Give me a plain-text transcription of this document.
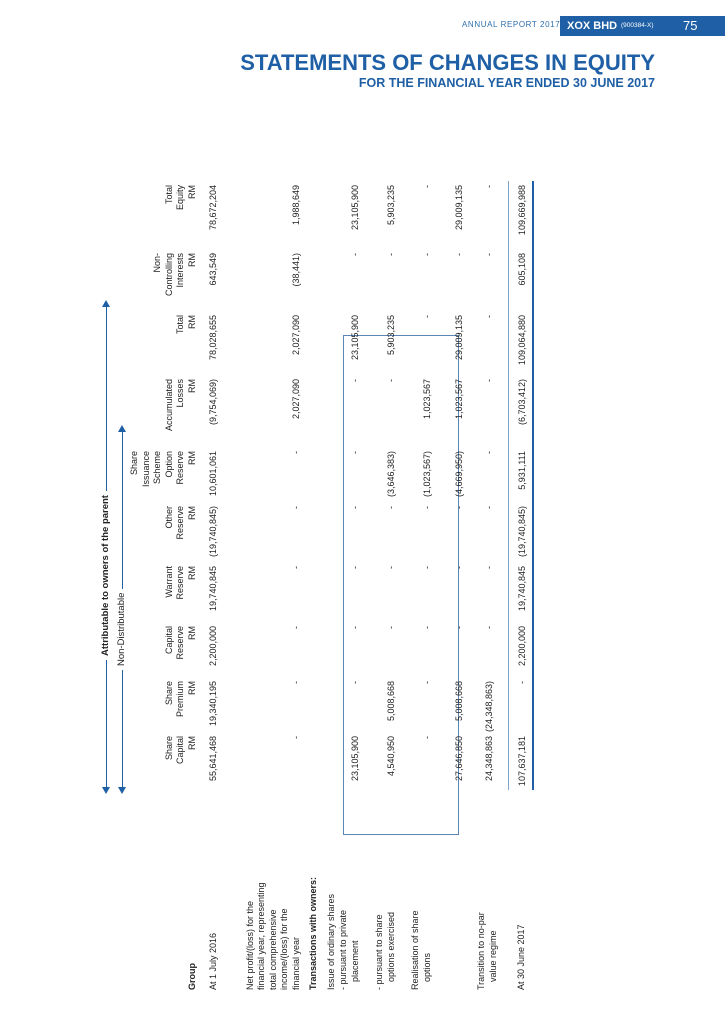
ANNUAL REPORT 2017 XOX BHD (900384-X) 75
STATEMENTS OF CHANGES IN EQUITY
FOR THE FINANCIAL YEAR ENDED 30 JUNE 2017
Attributable to owners of the parent Non-Distributable
Group
Share Capital RM
Share Premium RM
Capital Reserve RM
Warrant Reserve RM
Other Reserve RM
Share Issuance Scheme Option Reserve RM
Accumulated Losses RM
Total RM
Non- Controlling Interests RM
Total Equity RM
At 1 July 2016
55,641,468
19,340,195
2,200,000
19,740,845
(19,740,845)
10,601,061
(9,754,069)
78,028,655
643,549
78,672,204
Net profit/(loss) for the financial year, representing total comprehensive income/(loss) for the financial year
-
-
-
-
-
-
2,027,090
2,027,090
(38,441)
1,988,649
Transactions with owners: Issue of ordinary shares - pursuant to private placement
23,105,900
-
-
-
-
-
-
23,105,900
-
23,105,900
- pursuant to share options exercised
4,540,950
5,008,668
-
-
-
(3,646,383)
-
5,903,235
-
5,903,235
Realisation of share options
-
-
-
-
-
(1,023,567)
1,023,567
-
-
-
27,646,850
5,008,668
-
-
-
(4,669,950)
1,023,567
29,009,135
-
29,009,135
Transition to no-par value regime
24,348,863
(24,348,863)
-
-
-
-
-
-
-
-
At 30 June 2017
107,637,181
-
2,200,000
19,740,845
(19,740,845)
5,931,111
(6,703,412)
109,064,880
605,108
109,669,988
